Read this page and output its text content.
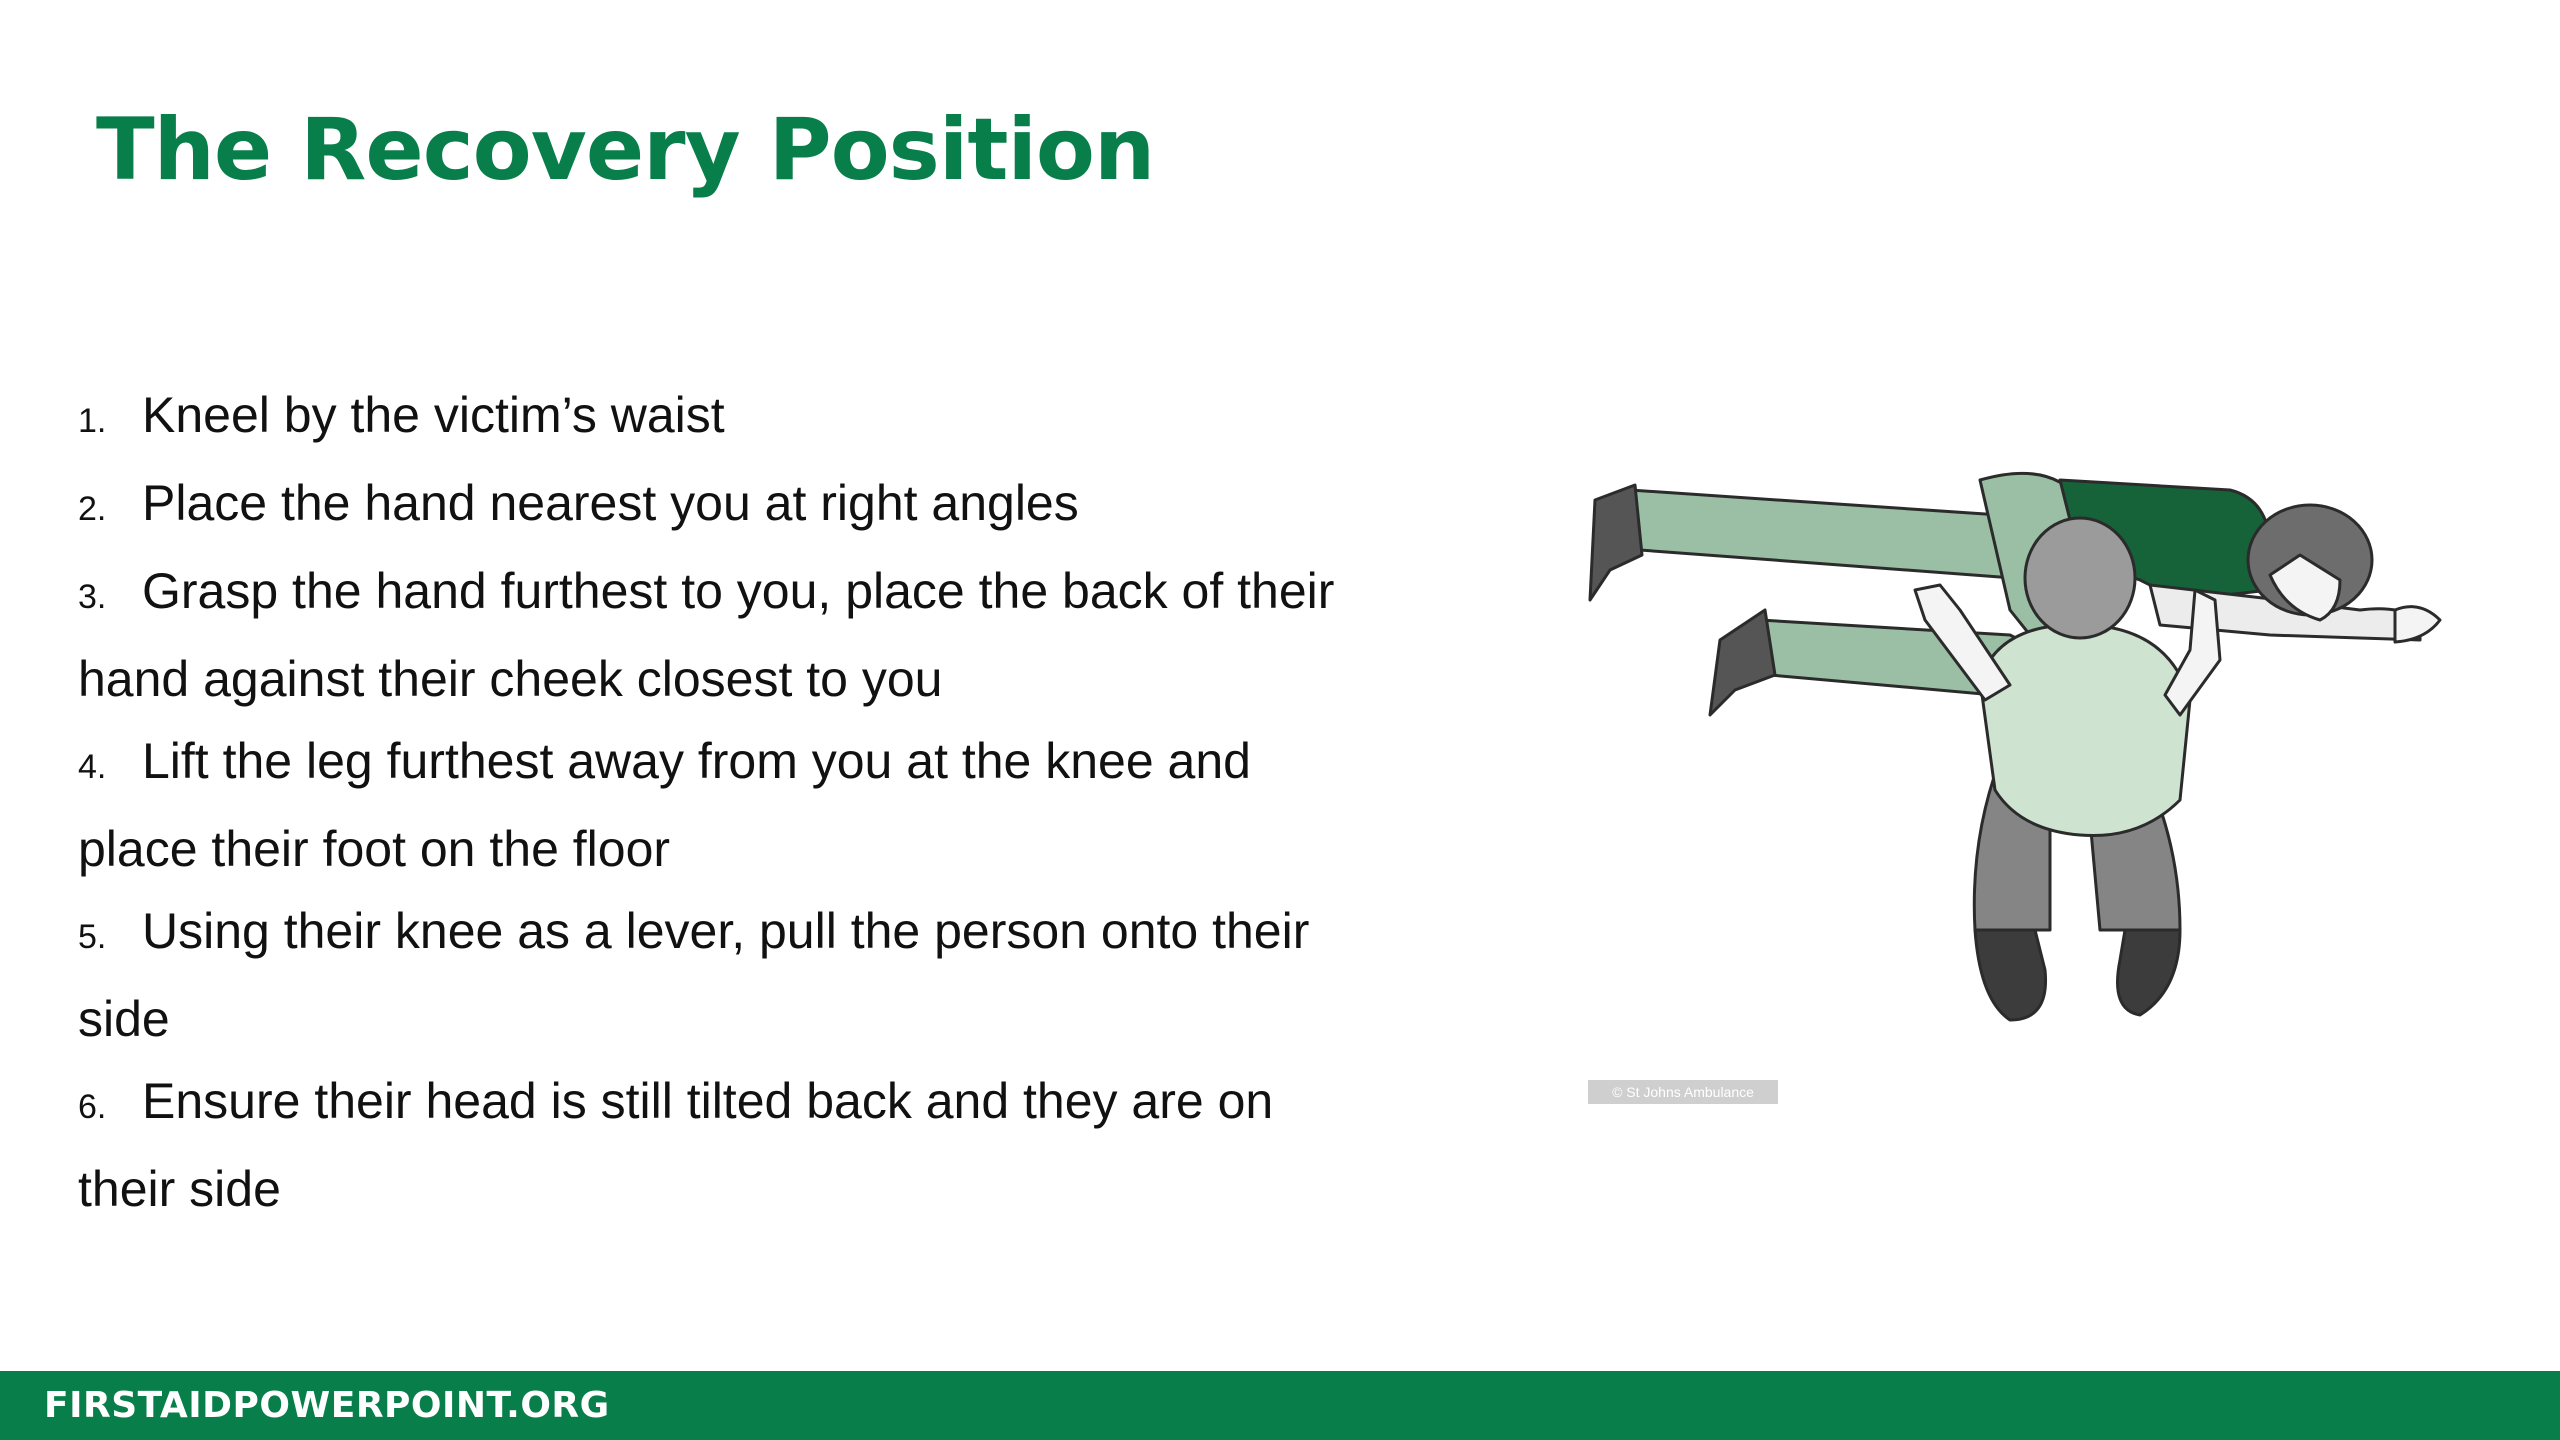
The Recovery Position
1. Kneel by the victim’s waist
2. Place the hand nearest you at right angles
3. Grasp the hand furthest to you, place the back of their hand against their cheek closest to you
4. Lift the leg furthest away from you at the knee and place their foot on the floor
5. Using their knee as a lever, pull the person onto their side
6. Ensure their head is still tilted back and they are on their side
© St Johns Ambulance
FIRSTAIDPOWERPOINT.ORG
